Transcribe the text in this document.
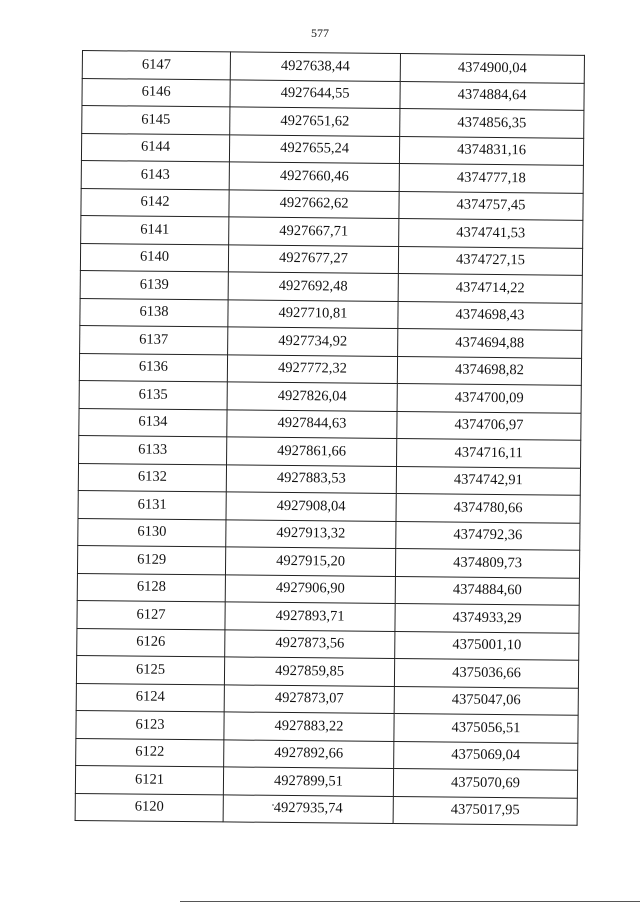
577
6147	4927638,44	4374900,04
6146	4927644,55	4374884,64
6145	4927651,62	4374856,35
6144	4927655,24	4374831,16
6143	4927660,46	4374777,18
6142	4927662,62	4374757,45
6141	4927667,71	4374741,53
6140	4927677,27	4374727,15
6139	4927692,48	4374714,22
6138	4927710,81	4374698,43
6137	4927734,92	4374694,88
6136	4927772,32	4374698,82
6135	4927826,04	4374700,09
6134	4927844,63	4374706,97
6133	4927861,66	4374716,11
6132	4927883,53	4374742,91
6131	4927908,04	4374780,66
6130	4927913,32	4374792,36
6129	4927915,20	4374809,73
6128	4927906,90	4374884,60
6127	4927893,71	4374933,29
6126	4927873,56	4375001,10
6125	4927859,85	4375036,66
6124	4927873,07	4375047,06
6123	4927883,22	4375056,51
6122	4927892,66	4375069,04
6121	4927899,51	4375070,69
6120	4927935,74	4375017,95
